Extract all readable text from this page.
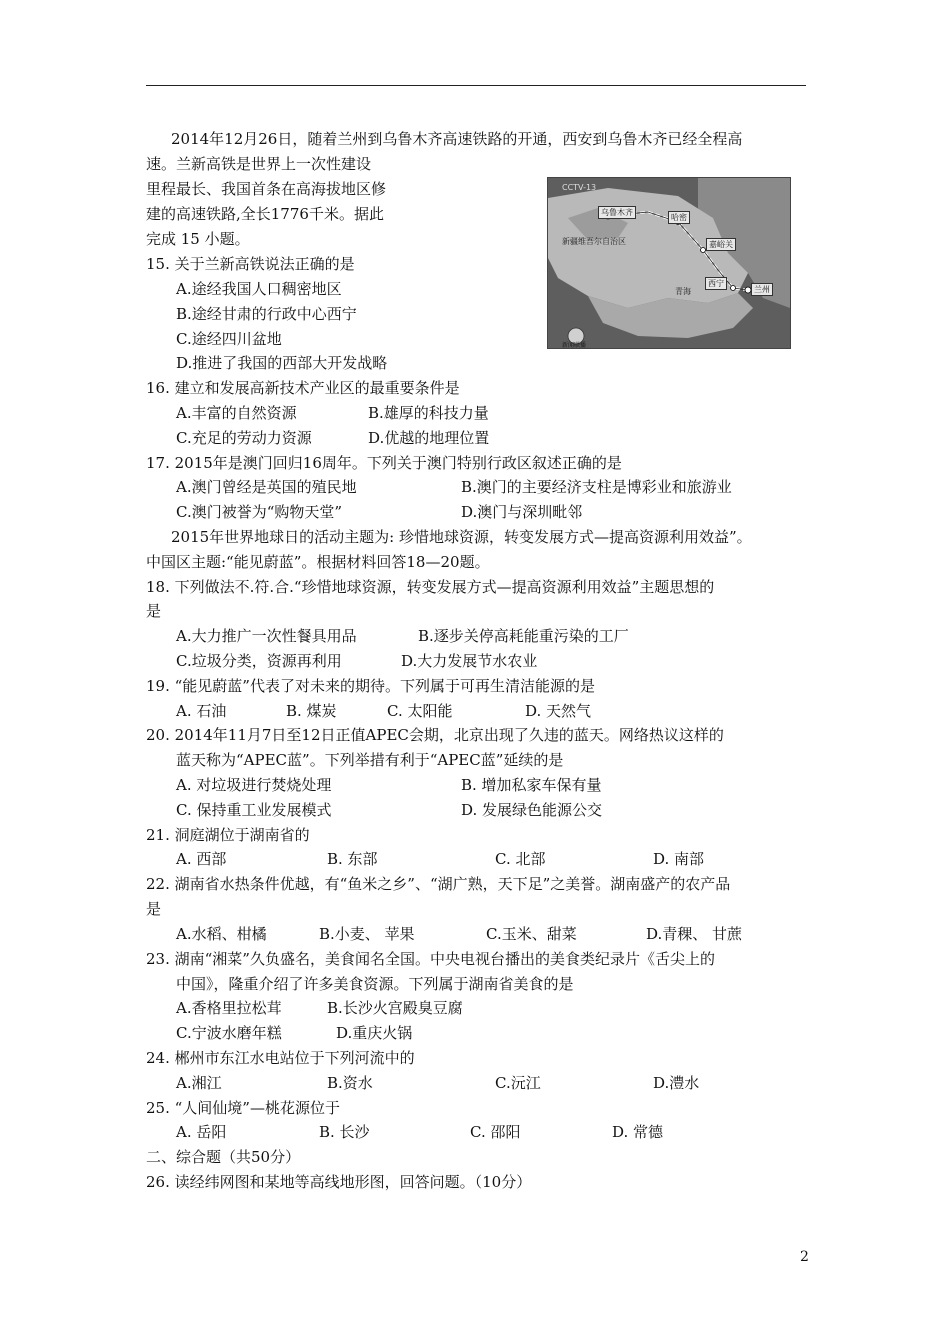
2014年12月26日，随着兰州到乌鲁木齐高速铁路的开通，西安到乌鲁木齐已经全程高
速。兰新高铁是世界上一次性建设
里程最长、我国首条在高海拔地区修
建的高速铁路,全长1776千米。据此
完成 15 小题。
CCTV-13
乌鲁木齐
哈密
嘉峪关
西宁
兰州
新疆维吾尔自治区
青海
新闻联播
15. 关于兰新高铁说法正确的是
A.途经我国人口稠密地区
B.途经甘肃的行政中心西宁
C.途经四川盆地
D.推进了我国的西部大开发战略
16. 建立和发展高新技术产业区的最重要条件是
A.丰富的自然资源	B.雄厚的科技力量
C.充足的劳动力资源	D.优越的地理位置
17. 2015年是澳门回归16周年。下列关于澳门特别行政区叙述正确的是
A.澳门曾经是英国的殖民地	B.澳门的主要经济支柱是博彩业和旅游业
C.澳门被誉为“购物天堂”	D.澳门与深圳毗邻
2015年世界地球日的活动主题为: 珍惜地球资源，转变发展方式—提高资源利用效益”。
中国区主题:“能见蔚蓝”。根据材料回答18—20题。
18. 下列做法不.符.合.“珍惜地球资源，转变发展方式—提高资源利用效益”主题思想的
是
A.大力推广一次性餐具用品	B.逐步关停高耗能重污染的工厂
C.垃圾分类，资源再利用	D.大力发展节水农业
19. “能见蔚蓝”代表了对未来的期待。下列属于可再生清洁能源的是
A. 石油	B. 煤炭	C. 太阳能	D. 天然气
20. 2014年11月7日至12日正值APEC会期，北京出现了久违的蓝天。网络热议这样的
蓝天称为“APEC蓝”。下列举措有利于“APEC蓝”延续的是
A. 对垃圾进行焚烧处理	B. 增加私家车保有量
C. 保持重工业发展模式	D. 发展绿色能源公交
21. 洞庭湖位于湖南省的
A. 西部	B. 东部	C. 北部	D. 南部
22. 湖南省水热条件优越，有“鱼米之乡”、“湖广熟，天下足”之美誉。湖南盛产的农产品
是
A.水稻、柑橘	B.小麦、 苹果	C.玉米、甜菜	D.青稞、 甘蔗
23. 湖南“湘菜”久负盛名，美食闻名全国。中央电视台播出的美食类纪录片《舌尖上的
中国》，隆重介绍了许多美食资源。下列属于湖南省美食的是
A.香格里拉松茸	B.长沙火宫殿臭豆腐
C.宁波水磨年糕	D.重庆火锅
24. 郴州市东江水电站位于下列河流中的
A.湘江	B.资水	C.沅江	D.澧水
25. “人间仙境”—桃花源位于
A. 岳阳	B. 长沙	C. 邵阳	D. 常德
二、综合题（共50分）
26. 读经纬网图和某地等高线地形图，回答问题。（10分）
2
